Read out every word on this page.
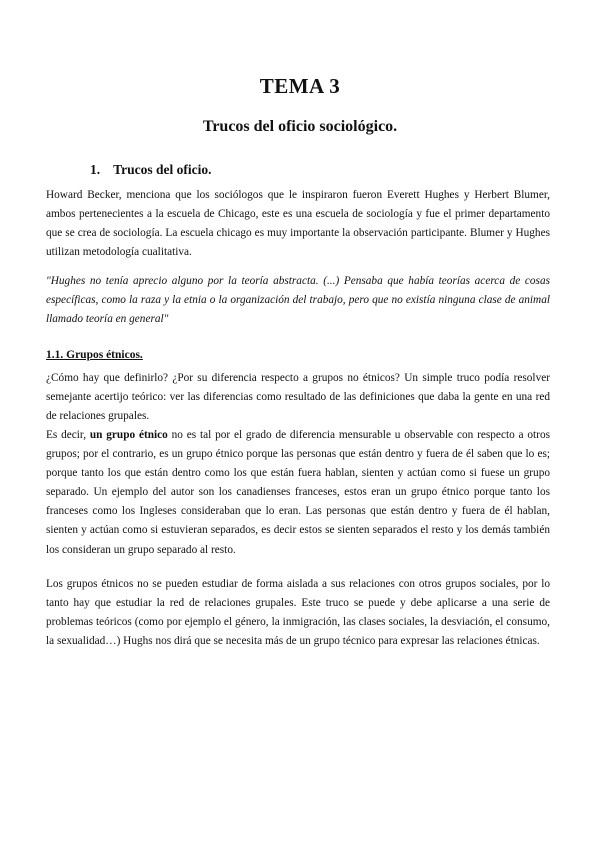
TEMA 3
Trucos del oficio sociológico.
1. Trucos del oficio.

Howard Becker, menciona que los sociólogos que le inspiraron fueron Everett Hughes y Herbert Blumer, ambos pertenecientes a la escuela de Chicago, este es una escuela de sociología y fue el primer departamento que se crea de sociología. La escuela chicago es muy importante la observación participante. Blumer y Hughes utilizan metodología cualitativa.

"Hughes no tenía aprecio alguno por la teoría abstracta. (...) Pensaba que había teorías acerca de cosas específicas, como la raza y la etnia o la organización del trabajo, pero que no existía ninguna clase de animal llamado teoría en general"

1.1. Grupos étnicos.

¿Cómo hay que definirlo? ¿Por su diferencia respecto a grupos no étnicos? Un simple truco podía resolver semejante acertijo teórico: ver las diferencias como resultado de las definiciones que daba la gente en una red de relaciones grupales.

Es decir, un grupo étnico no es tal por el grado de diferencia mensurable u observable con respecto a otros grupos; por el contrario, es un grupo étnico porque las personas que están dentro y fuera de él saben que lo es; porque tanto los que están dentro como los que están fuera hablan, sienten y actúan como si fuese un grupo separado. Un ejemplo del autor son los canadienses franceses, estos eran un grupo étnico porque tanto los franceses como los Ingleses consideraban que lo eran. Las personas que están dentro y fuera de él hablan, sienten y actúan como si estuvieran separados, es decir estos se sienten separados el resto y los demás también los consideran un grupo separado al resto.

Los grupos étnicos no se pueden estudiar de forma aislada a sus relaciones con otros grupos sociales, por lo tanto hay que estudiar la red de relaciones grupales. Este truco se puede y debe aplicarse a una serie de problemas teóricos (como por ejemplo el género, la inmigración, las clases sociales, la desviación, el consumo, la sexualidad…) Hughs nos dirá que se necesita más de un grupo técnico para expresar las relaciones étnicas.
